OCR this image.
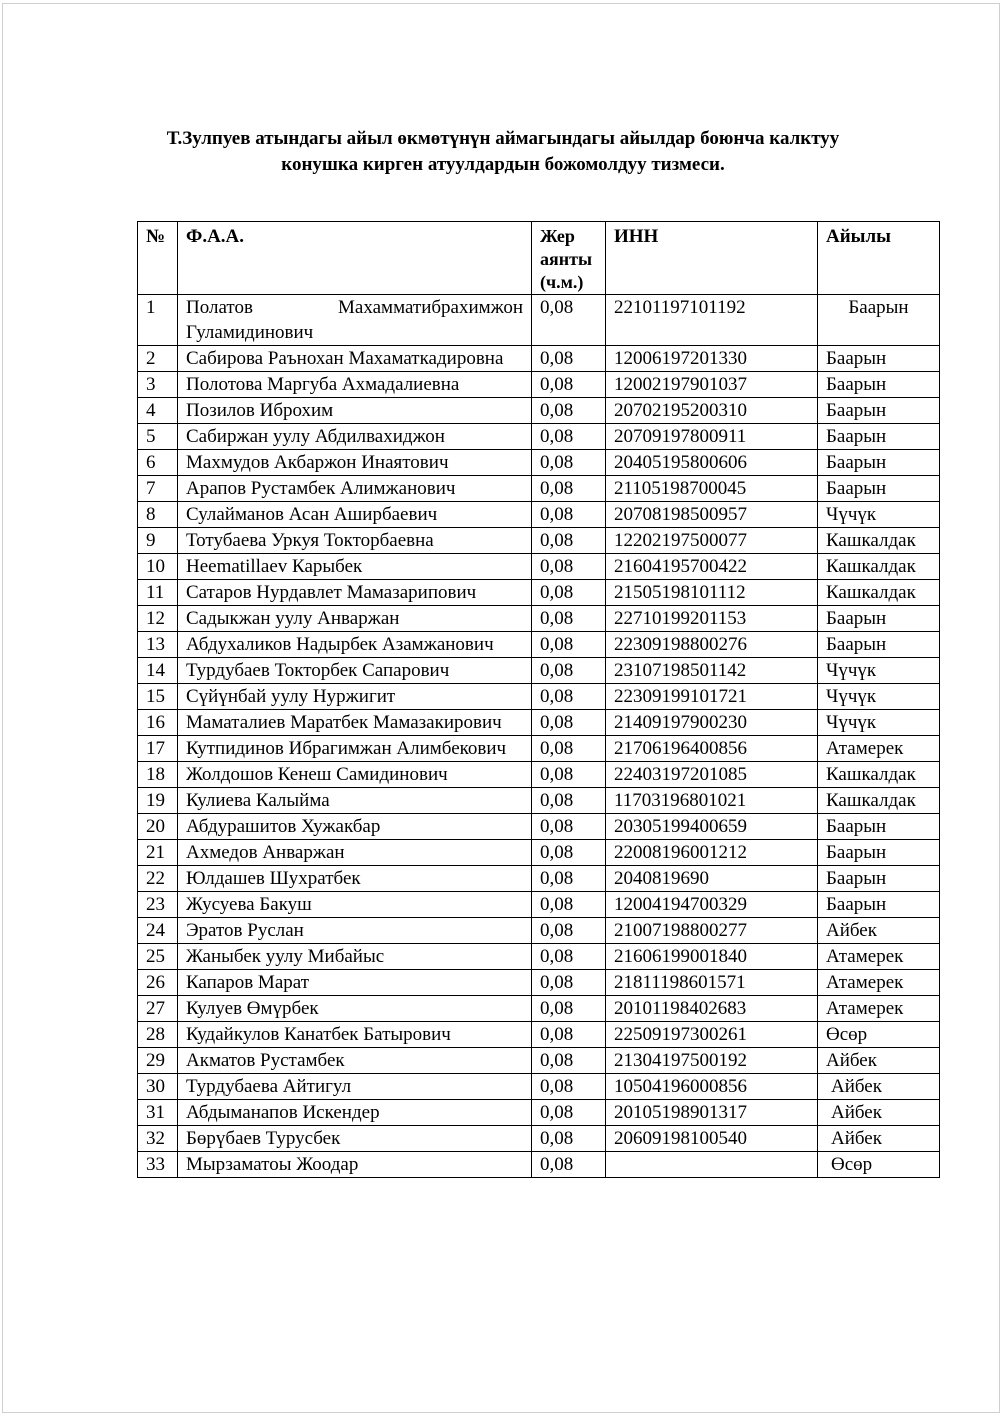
Т.Зулпуев атындагы айыл өкмөтүнүн аймагындагы айылдар боюнча калктуу
конушка кирген атуулдардын божомолдуу тизмеси.
№	Ф.А.А.	Жер
аянты
(ч.м.)	ИНН	Айылы
1	Полатов Махамматибрахимжон Гуламидинович	0,08	22101197101192	Баарын
2	Сабирова Раънохан Махаматкадировна	0,08	12006197201330	Баарын
3	Полотова Маргуба Ахмадалиевна	0,08	12002197901037	Баарын
4	Позилов Иброхим	0,08	20702195200310	Баарын
5	Сабиржан уулу Абдилвахиджон	0,08	20709197800911	Баарын
6	Махмудов Акбаржон Инаятович	0,08	20405195800606	Баарын
7	Арапов Рустамбек Алимжанович	0,08	21105198700045	Баарын
8	Сулайманов Асан Аширбаевич	0,08	20708198500957	Чүчүк
9	Тотубаева Уркуя Токторбаевна	0,08	12202197500077	Кашкалдак
10	Нееmatillaev Карыбек	0,08	21604195700422	Кашкалдак
11	Сатаров Нурдавлет Мамазарипович	0,08	21505198101112	Кашкалдак
12	Садыкжан уулу Анваржан	0,08	22710199201153	Баарын
13	Абдухаликов Надырбек Азамжанович	0,08	22309198800276	Баарын
14	Турдубаев Токторбек Сапарович	0,08	23107198501142	Чүчүк
15	Сүйүнбай уулу Нуржигит	0,08	22309199101721	Чүчүк
16	Маматалиев Маратбек Мамазакирович	0,08	21409197900230	Чүчүк
17	Кутпидинов Ибрагимжан Алимбекович	0,08	21706196400856	Атамерек
18	Жолдошов Кенеш Самидинович	0,08	22403197201085	Кашкалдак
19	Кулиева Калыйма	0,08	11703196801021	Кашкалдак
20	Абдурашитов Хужакбар	0,08	20305199400659	Баарын
21	Ахмедов Анваржан	0,08	22008196001212	Баарын
22	Юлдашев Шухратбек	0,08	2040819690	Баарын
23	Жусуева Бакуш	0,08	12004194700329	Баарын
24	Эратов Руслан	0,08	21007198800277	Айбек
25	Жаныбек уулу Мибайыс	0,08	21606199001840	Атамерек
26	Капаров Марат	0,08	21811198601571	Атамерек
27	Кулуев Өмүрбек	0,08	20101198402683	Атамерек
28	Кудайкулов Канатбек Батырович	0,08	22509197300261	Өсөр
29	Акматов Рустамбек	0,08	21304197500192	Айбек
30	Турдубаева Айтигул	0,08	10504196000856	Айбек
31	Абдыманапов Искендер	0,08	20105198901317	Айбек
32	Бөрүбаев Турусбек	0,08	20609198100540	Айбек
33	Мырзаматоы Жоодар	0,08		Өсөр
